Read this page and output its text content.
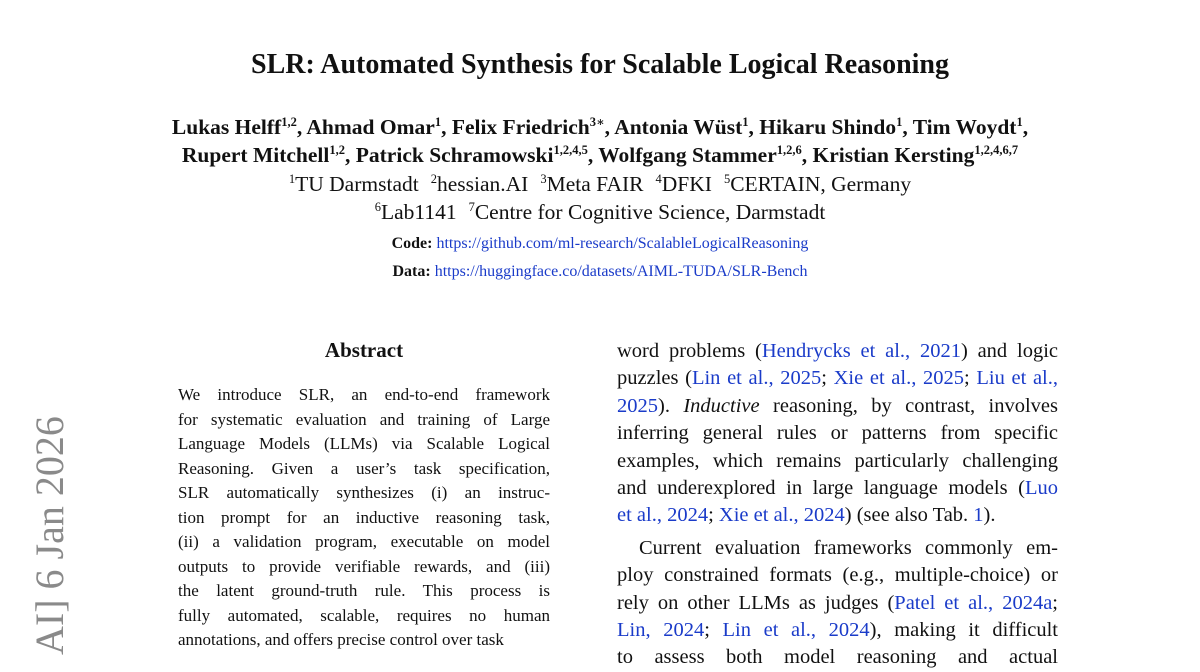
SLR: Automated Synthesis for Scalable Logical Reasoning
Lukas Helff$^{1,2}$, Ahmad Omar$^1$, Felix Friedrich$^{3∗}$, Antonia Wüst$^1$, Hikaru Shindo$^1$, Tim Woydt$^1$,
Rupert Mitchell$^{1,2}$, Patrick Schramowski$^{1,2,4,5}$, Wolfgang Stammer$^{1,2,6}$, Kristian Kersting$^{1,2,4,6,7}$
$^1$TU Darmstadt $^2$hessian.AI $^3$Meta FAIR $^4$DFKI $^5$CERTAIN, Germany
$^6$Lab1141 $^7$Centre for Cognitive Science, Darmstadt
Code: https://github.com/ml-research/ScalableLogicalReasoning
Data: https://huggingface.co/datasets/AIML-TUDA/SLR-Bench
AI] 6 Jan 2026
Abstract
We introduce SLR, an end-to-end framework
for systematic evaluation and training of Large
Language Models (LLMs) via Scalable Logical
Reasoning. Given a user’s task specification,
SLR automatically synthesizes (i) an instruc-
tion prompt for an inductive reasoning task,
(ii) a validation program, executable on model
outputs to provide verifiable rewards, and (iii)
the latent ground-truth rule. This process is
fully automated, scalable, requires no human
annotations, and offers precise control over task
word problems (Hendrycks et al., 2021) and logic
puzzles (Lin et al., 2025; Xie et al., 2025; Liu et al.,
2025). Inductive reasoning, by contrast, involves
inferring general rules or patterns from specific
examples, which remains particularly challenging
and underexplored in large language models (Luo
et al., 2024; Xie et al., 2024) (see also Tab. 1).
Current evaluation frameworks commonly em-
ploy constrained formats (e.g., multiple-choice) or
rely on other LLMs as judges (Patel et al., 2024a;
Lin, 2024; Lin et al., 2024), making it difficult
to assess both model reasoning and actual
